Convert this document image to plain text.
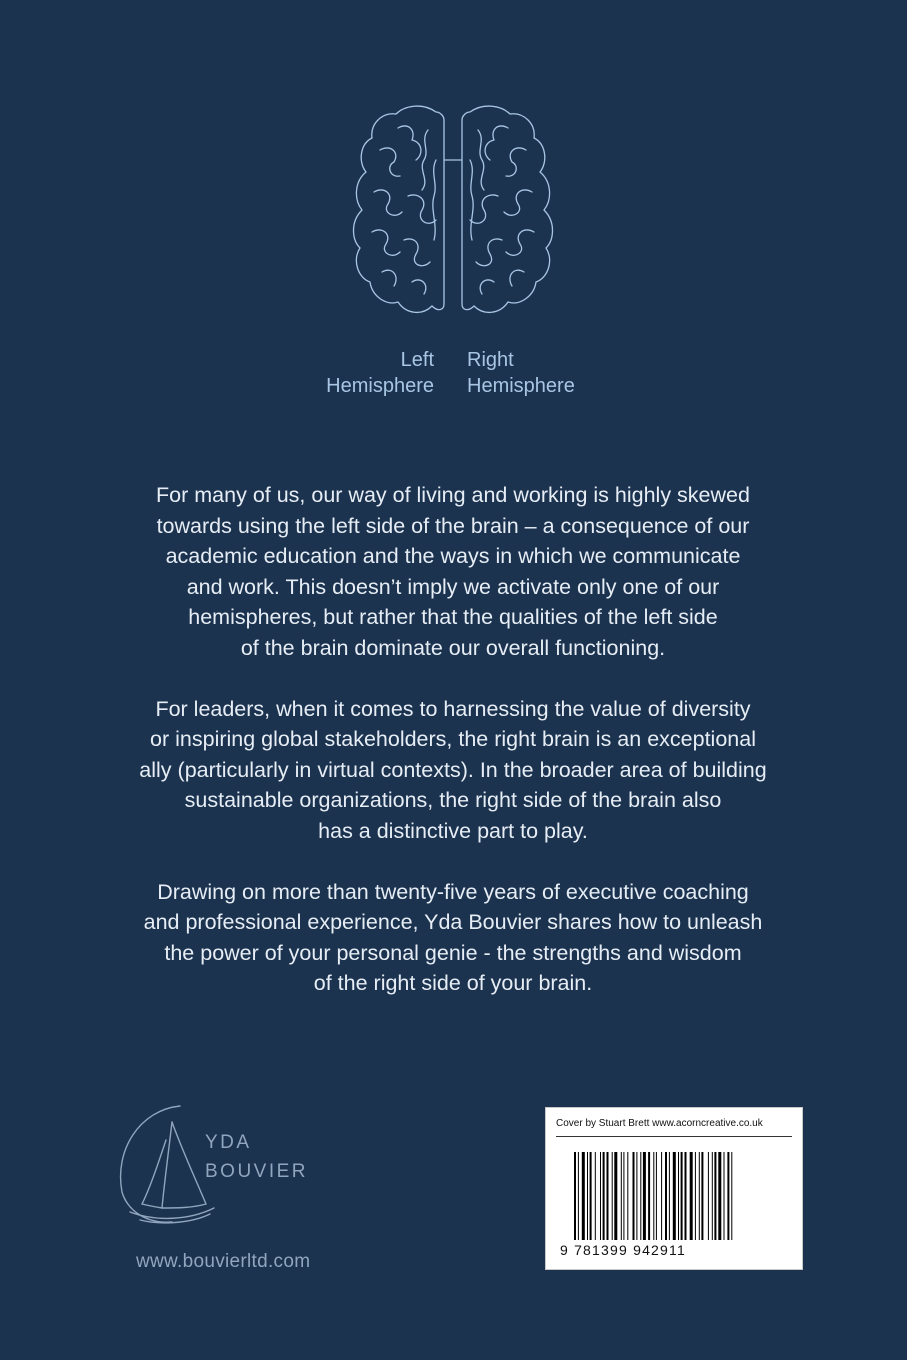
Left
Hemisphere
Right
Hemisphere

For many of us, our way of living and working is highly skewed
towards using the left side of the brain – a consequence of our
academic education and the ways in which we communicate
and work. This doesn’t imply we activate only one of our
hemispheres, but rather that the qualities of the left side
of the brain dominate our overall functioning.

For leaders, when it comes to harnessing the value of diversity
or inspiring global stakeholders, the right brain is an exceptional
ally (particularly in virtual contexts). In the broader area of building
sustainable organizations, the right side of the brain also
has a distinctive part to play.

Drawing on more than twenty-five years of executive coaching
and professional experience, Yda Bouvier shares how to unleash
the power of your personal genie - the strengths and wisdom
of the right side of your brain.

YDA
BOUVIER
www.bouvierltd.com
Cover by Stuart Brett www.acorncreative.co.uk
9 781399 942911
